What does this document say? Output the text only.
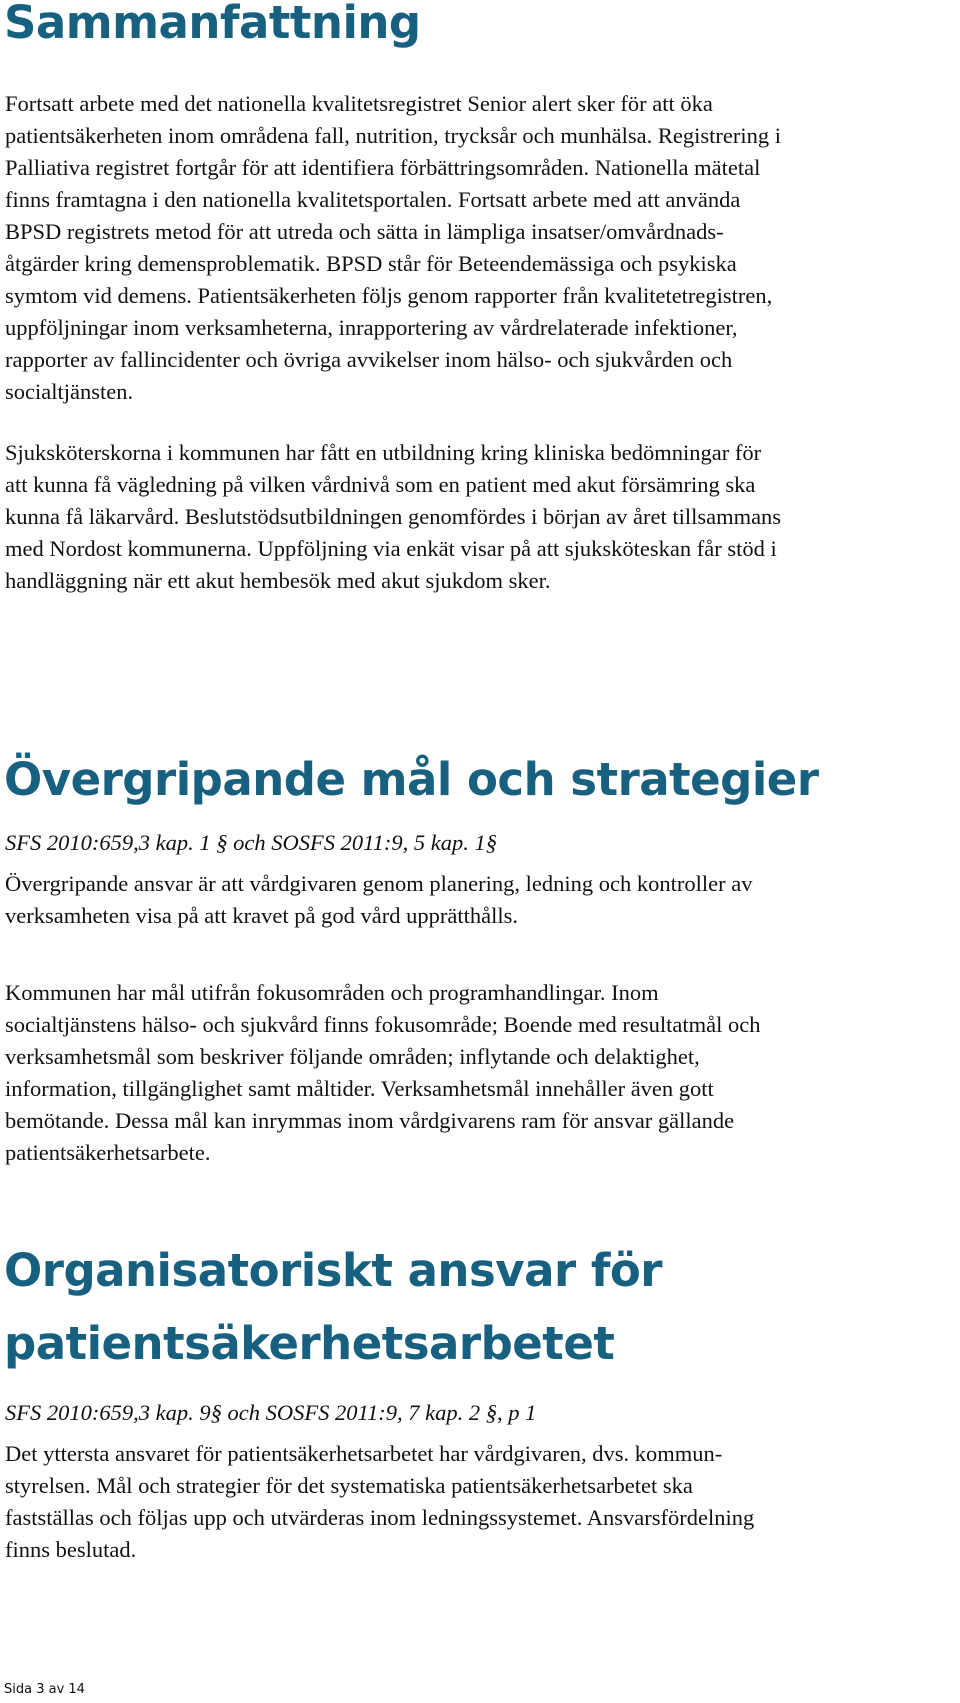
Sammanfattning
Fortsatt arbete med det nationella kvalitetsregistret Senior alert sker för att öka
patientsäkerheten inom områdena fall, nutrition, trycksår och munhälsa. Registrering i
Palliativa registret fortgår för att identifiera förbättringsområden. Nationella mätetal
finns framtagna i den nationella kvalitetsportalen. Fortsatt arbete med att använda
BPSD registrets metod för att utreda och sätta in lämpliga insatser/omvårdnads-
åtgärder kring demensproblematik. BPSD står för Beteendemässiga och psykiska
symtom vid demens. Patientsäkerheten följs genom rapporter från kvalitetetregistren,
uppföljningar inom verksamheterna, inrapportering av vårdrelaterade infektioner,
rapporter av fallincidenter och övriga avvikelser inom hälso- och sjukvården och
socialtjänsten.
Sjuksköterskorna i kommunen har fått en utbildning kring kliniska bedömningar för
att kunna få vägledning på vilken vårdnivå som en patient med akut försämring ska
kunna få läkarvård. Beslutstödsutbildningen genomfördes i början av året tillsammans
med Nordost kommunerna. Uppföljning via enkät visar på att sjuksköteskan får stöd i
handläggning när ett akut hembesök med akut sjukdom sker.
Övergripande mål och strategier
SFS 2010:659,3 kap. 1 § och SOSFS 2011:9, 5 kap. 1§
Övergripande ansvar är att vårdgivaren genom planering, ledning och kontroller av
verksamheten visa på att kravet på god vård upprätthålls.
Kommunen har mål utifrån fokusområden och programhandlingar. Inom
socialtjänstens hälso- och sjukvård finns fokusområde; Boende med resultatmål och
verksamhetsmål som beskriver följande områden; inflytande och delaktighet,
information, tillgänglighet samt måltider. Verksamhetsmål innehåller även gott
bemötande. Dessa mål kan inrymmas inom vårdgivarens ram för ansvar gällande
patientsäkerhetsarbete.
Organisatoriskt ansvar för
patientsäkerhetsarbetet
SFS 2010:659,3 kap. 9§ och SOSFS 2011:9, 7 kap. 2 §, p 1
Det yttersta ansvaret för patientsäkerhetsarbetet har vårdgivaren, dvs. kommun-
styrelsen. Mål och strategier för det systematiska patientsäkerhetsarbetet ska
fastställas och följas upp och utvärderas inom ledningssystemet. Ansvarsfördelning
finns beslutad.
Sida 3 av 14
